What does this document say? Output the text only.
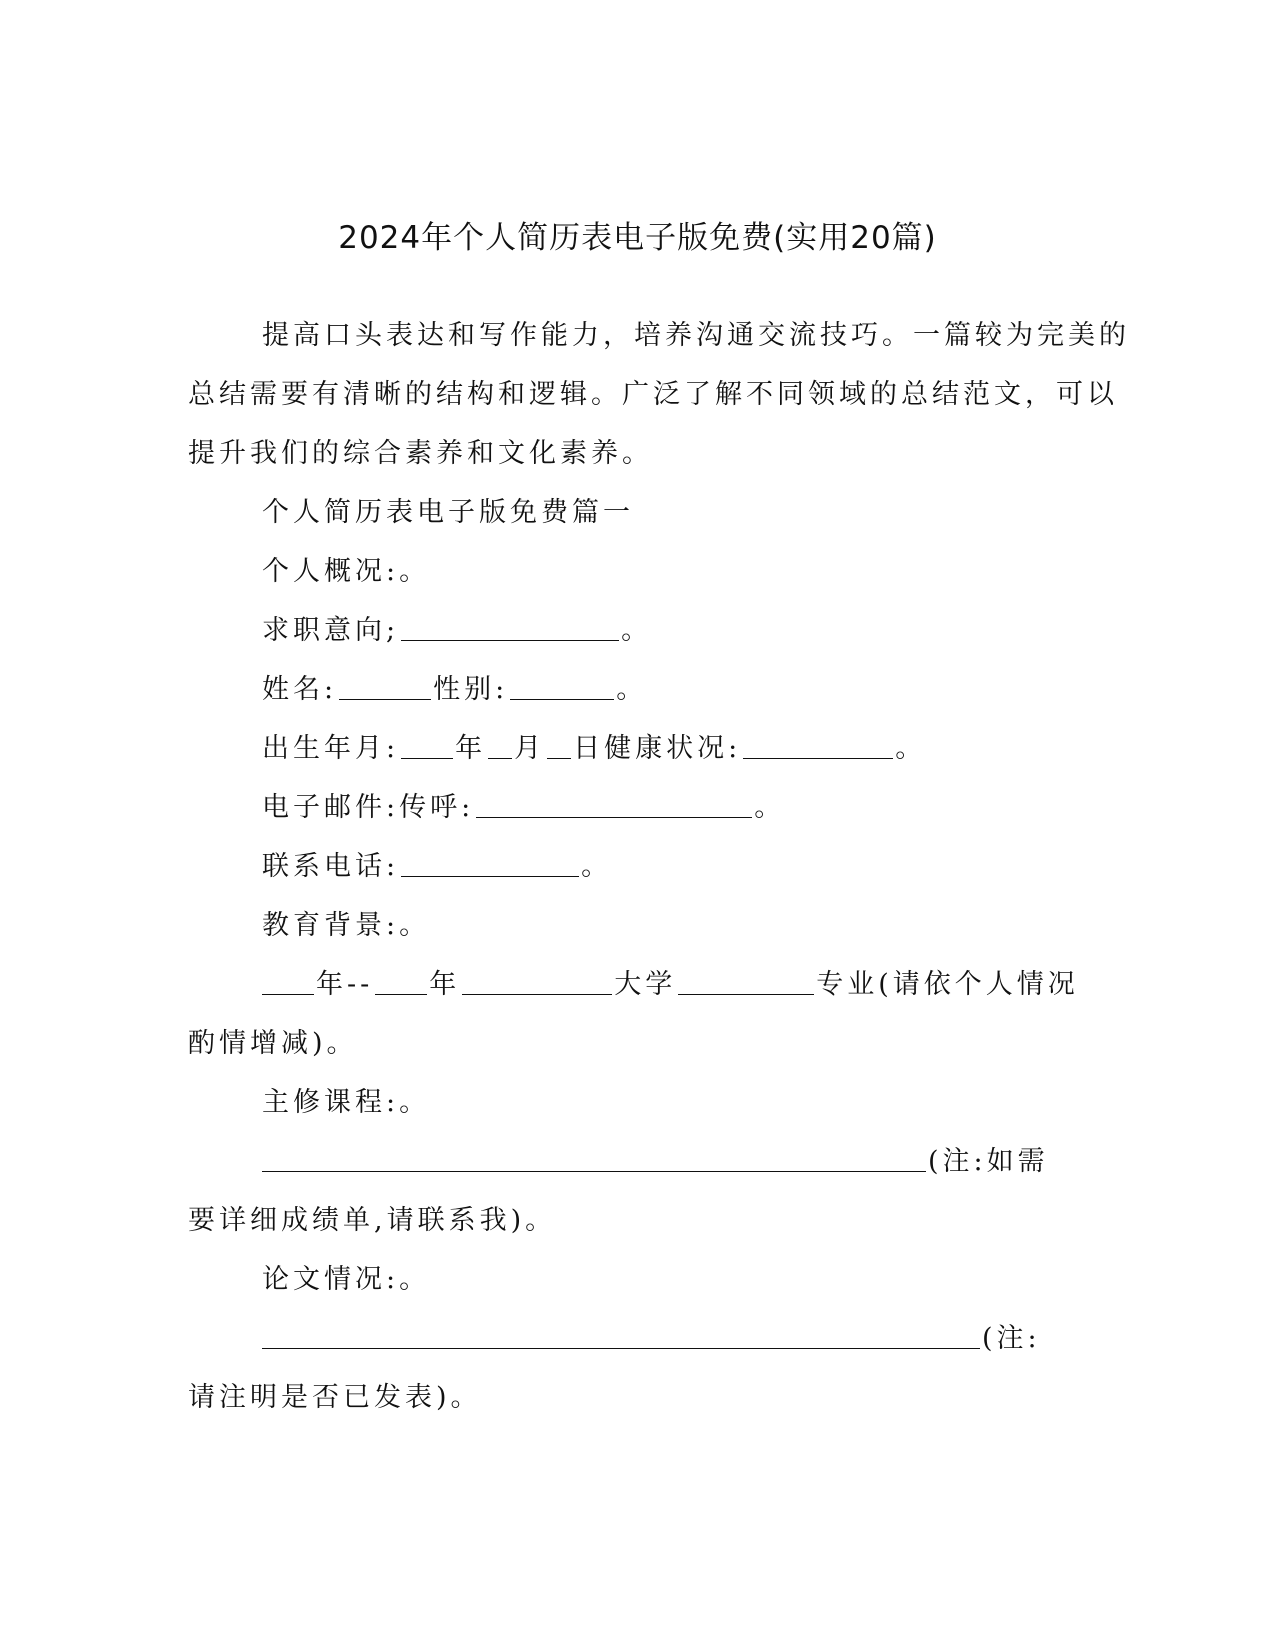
2024年个人简历表电子版免费(实用20篇)
提高口头表达和写作能力，培养沟通交流技巧。一篇较为完美的
总结需要有清晰的结构和逻辑。广泛了解不同领域的总结范文，可以
提升我们的综合素养和文化素养。
个人简历表电子版免费篇一
个人概况:。
求职意向;	。
姓名:	性别:	。
出生年月: 年 月 日健康状况:	。
电子邮件:传呼:	。
联系电话:	。
教育背景:。
年-- 年	大学	专业(请依个人情况
酌情增减)。
主修课程:。
(注:如需
要详细成绩单,请联系我)。
论文情况:。
(注:
请注明是否已发表)。
